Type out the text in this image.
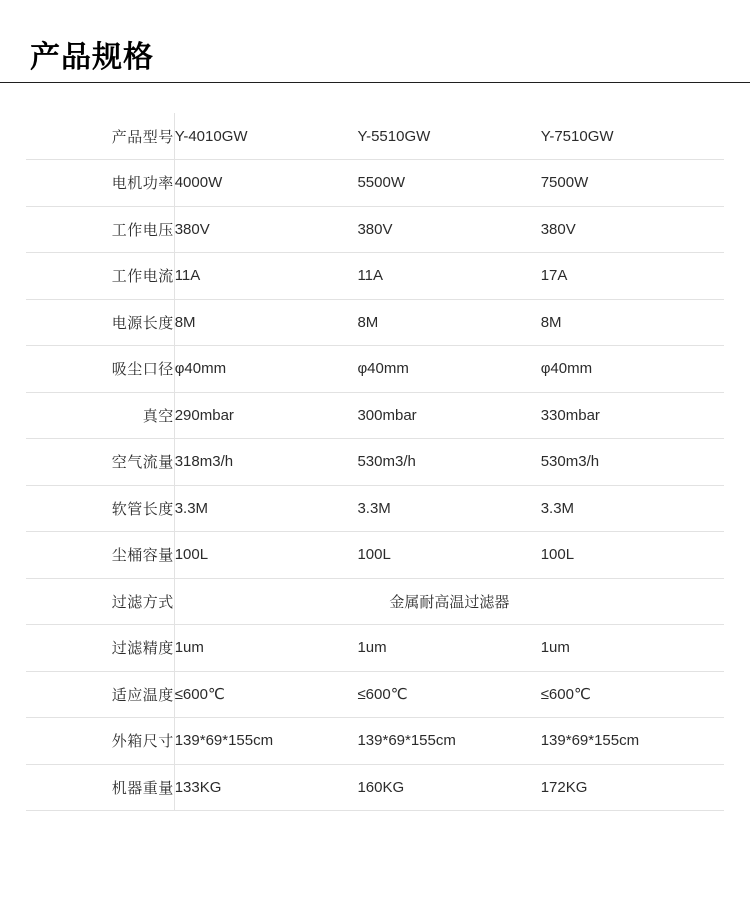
产品规格
产品型号	Y-4010GW	Y-5510GW	Y-7510GW
电机功率	4000W	5500W	7500W
工作电压	380V	380V	380V
工作电流	11A	11A	17A
电源长度	8M	8M	8M
吸尘口径	φ40mm	φ40mm	φ40mm
真空	290mbar	300mbar	330mbar
空气流量	318m3/h	530m3/h	530m3/h
软管长度	3.3M	3.3M	3.3M
尘桶容量	100L	100L	100L
过滤方式	金属耐高温过滤器		
过滤精度	1um	1um	1um
适应温度	≤600℃	≤600℃	≤600℃
外箱尺寸	139*69*155cm	139*69*155cm	139*69*155cm
机器重量	133KG	160KG	172KG
